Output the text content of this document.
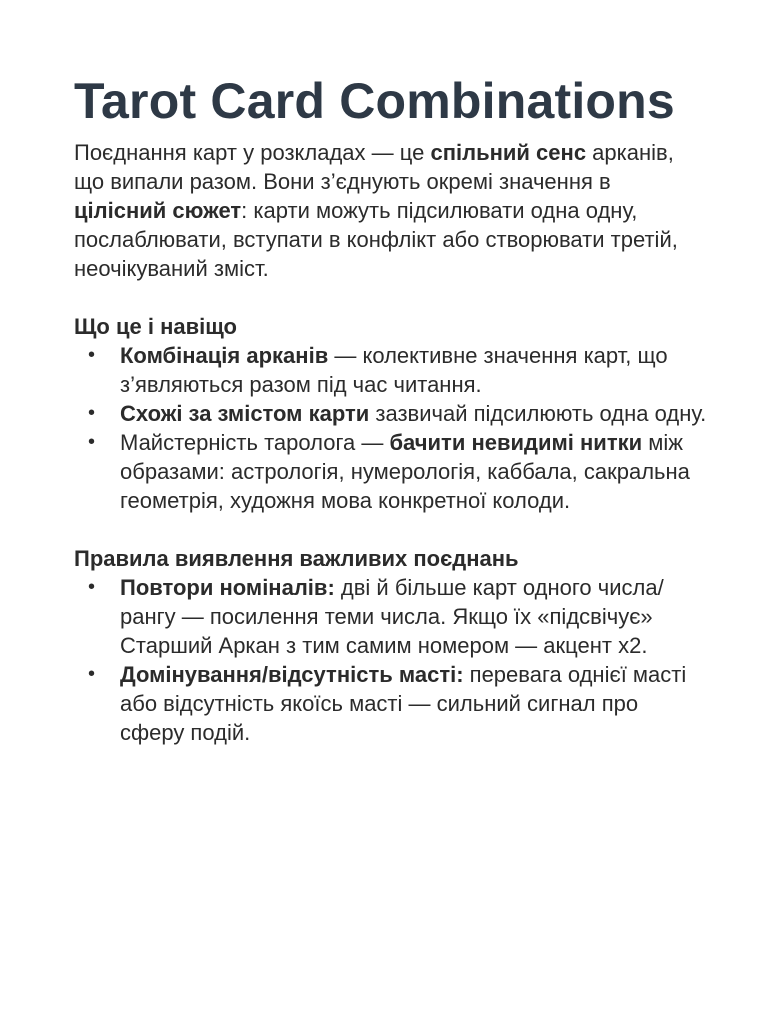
Tarot Card Combinations

Поєднання карт у розкладах — це спільний сенс арканів, що випали разом. Вони з’єднують окремі значення в цілісний сюжет: карти можуть підсилювати одна одну, послаблювати, вступати в конфлікт або створювати третій, неочікуваний зміст.

Що це і навіщо
• Комбінація арканів — колективне значення карт, що з’являються разом під час читання.
• Схожі за змістом карти зазвичай підсилюють одна одну.
• Майстерність таролога — бачити невидимі нитки між образами: астрологія, нумерологія, каббала, сакральна геометрія, художня мова конкретної колоди.
Правила виявлення важливих поєднань
• Повтори номіналів: дві й більше карт одного числа/рангу — посилення теми числа. Якщо їх «підсвічує» Старший Аркан з тим самим номером — акцент x2.
• Домінування/відсутність масті: перевага однієї масті або відсутність якоїсь масті — сильний сигнал про сферу подій.
